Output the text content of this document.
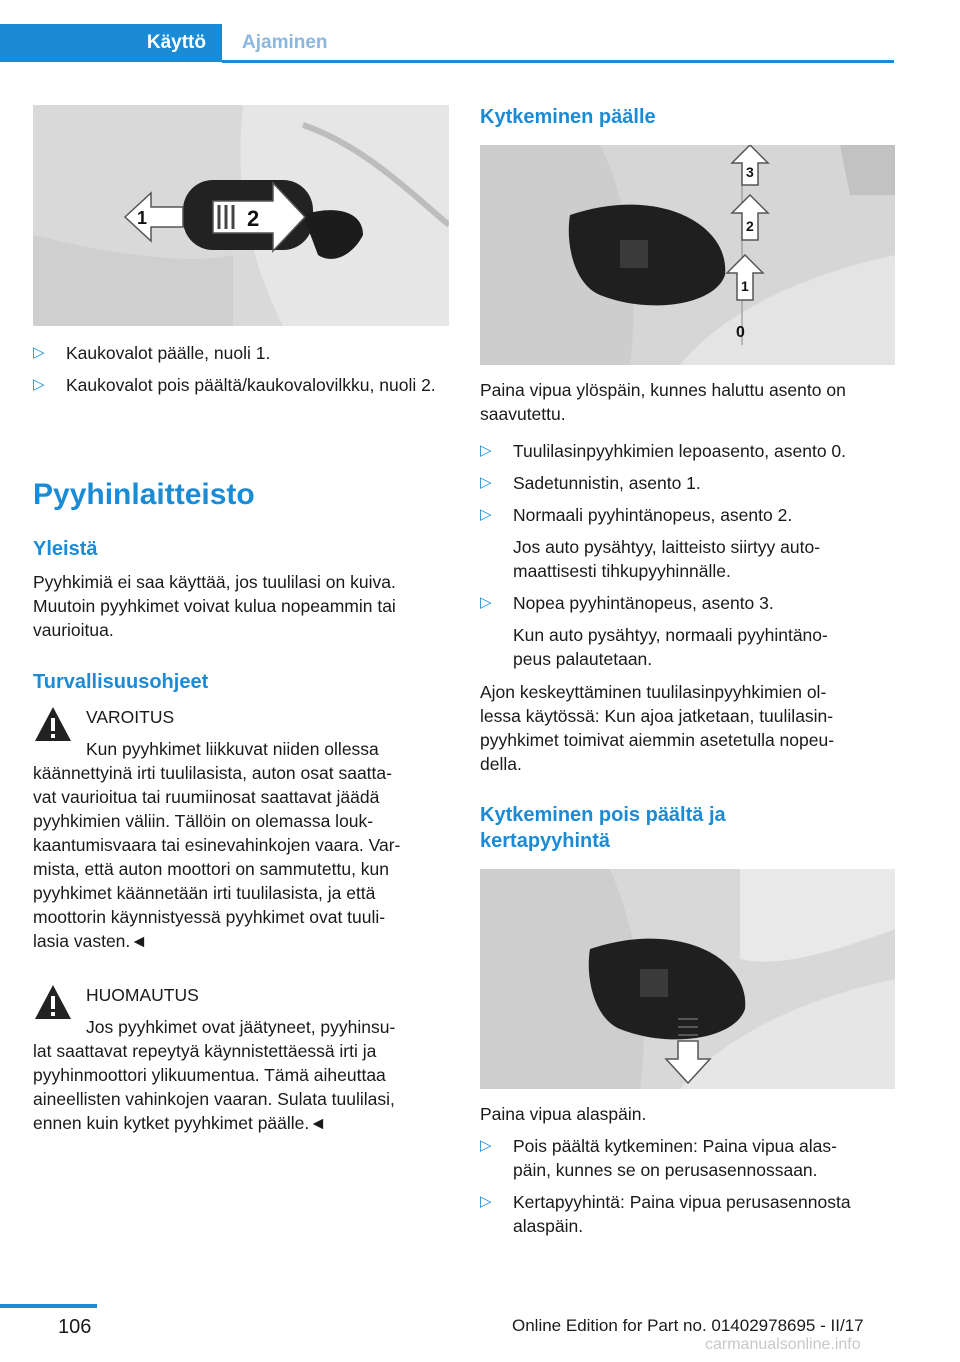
Käyttö	Ajaminen
1	2
▷	Kaukovalot päälle, nuoli 1.
▷	Kaukovalot pois päältä/kaukovalovilkku, nuoli 2.
Pyyhinlaitteisto
Yleistä
Pyyhkimiä ei saa käyttää, jos tuulilasi on kuiva. Muutoin pyyhkimet voivat kulua nopeammin tai vaurioitua.
Turvallisuusohjeet
VAROITUS
Kun pyyhkimet liikkuvat niiden ollessa
käännettyinä irti tuulilasista, auton osat saatta-
vat vaurioitua tai ruumiinosat saattavat jäädä
pyyhkimien väliin. Tällöin on olemassa louk-
kaantumisvaara tai esinevahinkojen vaara. Var-
mista, että auton moottori on sammutettu, kun
pyyhkimet käännetään irti tuulilasista, ja että
moottorin käynnistyessä pyyhkimet ovat tuuli-
lasia vasten.◄
HUOMAUTUS
Jos pyyhkimet ovat jäätyneet, pyyhinsu-
lat saattavat repeytyä käynnistettäessä irti ja
pyyhinmoottori ylikuumentua. Tämä aiheuttaa
aineellisten vahinkojen vaaran. Sulata tuulilasi,
ennen kuin kytket pyyhkimet päälle.◄
Kytkeminen päälle
3
2
1
0
Paina vipua ylöspäin, kunnes haluttu asento on
saavutettu.
▷	Tuulilasinpyyhkimien lepoasento, asento 0.
▷	Sadetunnistin, asento 1.
▷	Normaali pyyhintänopeus, asento 2.
Jos auto pysähtyy, laitteisto siirtyy auto-
maattisesti tihkupyyhinnälle.
▷	Nopea pyyhintänopeus, asento 3.
Kun auto pysähtyy, normaali pyyhintäno-
peus palautetaan.
Ajon keskeyttäminen tuulilasinpyyhkimien ol-
lessa käytössä: Kun ajoa jatketaan, tuulilasin-
pyyhkimet toimivat aiemmin asetetulla nopeu-
della.
Kytkeminen pois päältä ja
kertapyyhintä
Paina vipua alaspäin.
▷	Pois päältä kytkeminen: Paina vipua alas-
päin, kunnes se on perusasennossaan.
▷	Kertapyyhintä: Paina vipua perusasennosta
alaspäin.
106	Online Edition for Part no. 01402978695 - II/17
carmanualsonline.info
